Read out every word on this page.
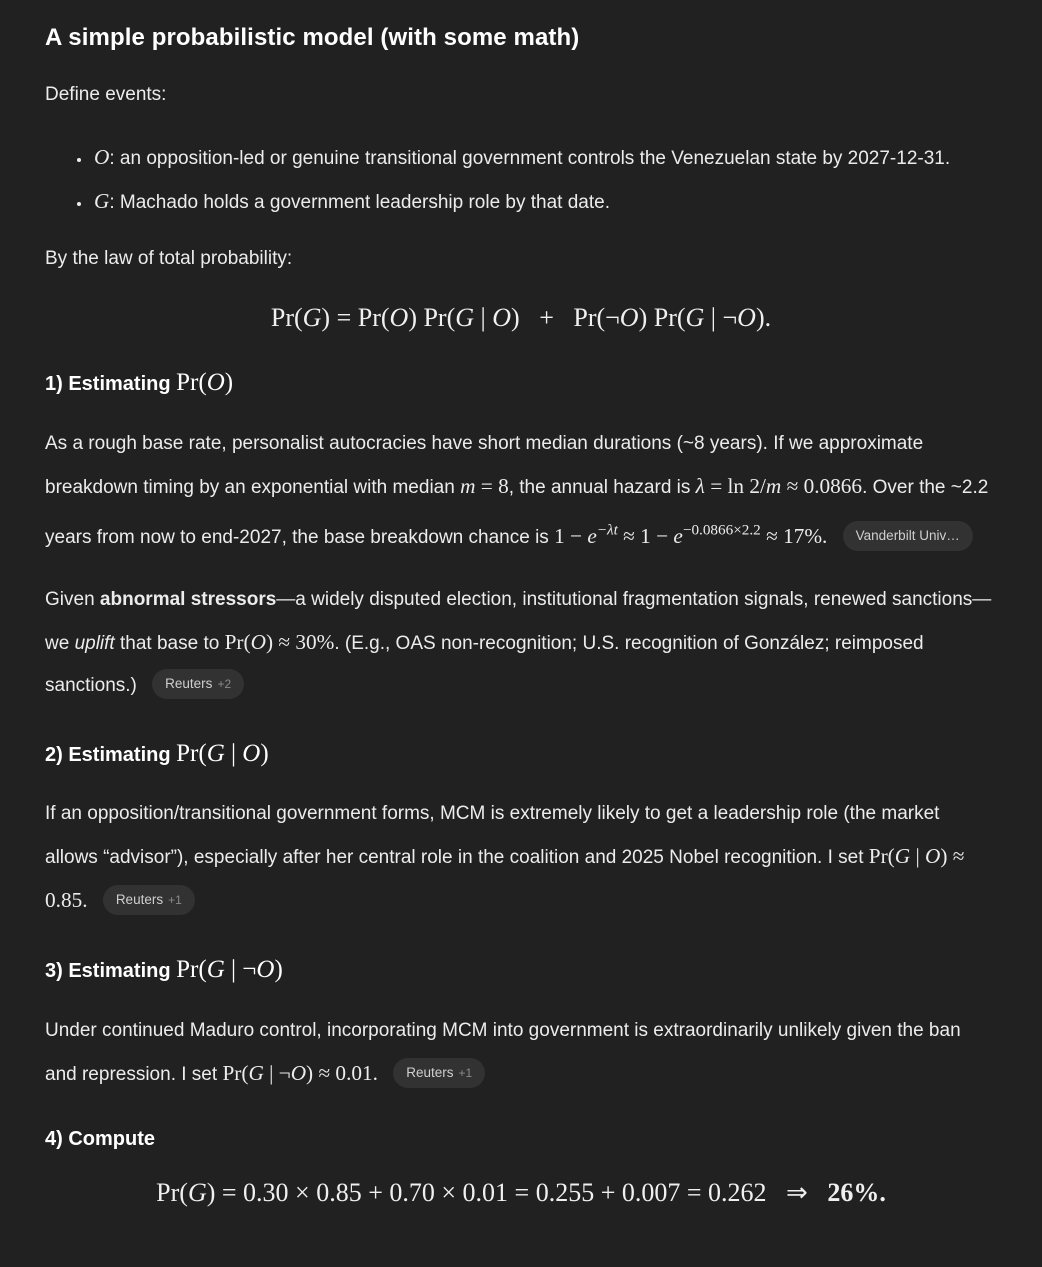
A simple probabilistic model (with some math)

Define events:

• O: an opposition-led or genuine transitional government controls the Venezuelan state by 2027-12-31.
• G: Machado holds a government leadership role by that date.

By the law of total probability:

Pr(G) = Pr(O) Pr(G | O)  +  Pr(¬O) Pr(G | ¬O).
1) Estimating Pr(O)

As a rough base rate, personalist autocracies have short median durations (~8 years). If we approximate breakdown timing by an exponential with median m = 8, the annual hazard is λ = ln 2/m ≈ 0.0866. Over the ~2.2 years from now to end-2027, the base breakdown chance is $1 - e^{-\lambda t} \approx 1 - e^{-0.0866\times 2.2} \approx 17\%$. Vanderbilt Univ…

Given abnormal stressors—a widely disputed election, institutional fragmentation signals, renewed sanctions—we uplift that base to Pr(O) ≈ 30%. (E.g., OAS non-recognition; U.S. recognition of González; reimposed sanctions.) Reuters +2

2) Estimating Pr(G | O)

If an opposition/transitional government forms, MCM is extremely likely to get a leadership role (the market allows “advisor”), especially after her central role in the coalition and 2025 Nobel recognition. I set Pr(G | O) ≈ 0.85. Reuters +1

3) Estimating Pr(G | ¬O)

Under continued Maduro control, incorporating MCM into government is extraordinarily unlikely given the ban and repression. I set Pr(G | ¬O) ≈ 0.01. Reuters +1

4) Compute
Pr(G) = 0.30 × 0.85 + 0.70 × 0.01 = 0.255 + 0.007 = 0.262  ⇒  26%.
